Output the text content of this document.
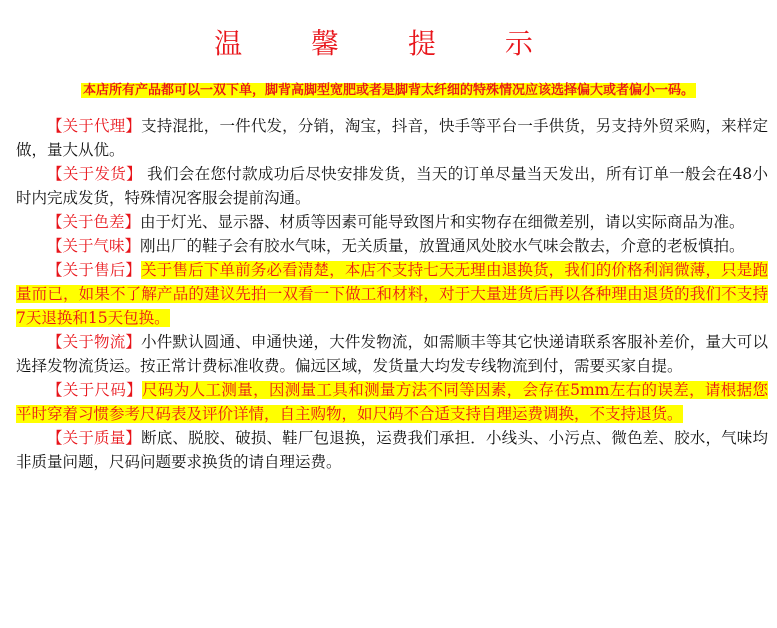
温 馨 提 示
本店所有产品都可以一双下单，脚背高脚型宽肥或者是脚背太纤细的特殊情况应该选择偏大或者偏小一码。

【关于代理】支持混批，一件代发，分销，淘宝，抖音，快手等平台一手供货，另支持外贸采购，来样定做，量大从优。

【关于发货】 我们会在您付款成功后尽快安排发货，当天的订单尽量当天发出，所有订单一般会在48小时内完成发货，特殊情况客服会提前沟通。

【关于色差】由于灯光、显示器、材质等因素可能导致图片和实物存在细微差别，请以实际商品为准。

【关于气味】刚出厂的鞋子会有胶水气味，无关质量，放置通风处胶水气味会散去，介意的老板慎拍。

【关于售后】关于售后下单前务必看清楚，本店不支持七天无理由退换货，我们的价格利润微薄，只是跑量而已，如果不了解产品的建议先拍一双看一下做工和材料，对于大量进货后再以各种理由退货的我们不支持7天退换和15天包换。

【关于物流】小件默认圆通、申通快递，大件发物流，如需顺丰等其它快递请联系客服补差价，量大可以选择发物流货运。按正常计费标准收费。偏远区域，发货量大均发专线物流到付，需要买家自提。

【关于尺码】尺码为人工测量，因测量工具和测量方法不同等因素，会存在5mm左右的误差，请根据您平时穿着习惯参考尺码表及评价详情，自主购物，如尺码不合适支持自理运费调换，不支持退货。

【关于质量】断底、脱胶、破损、鞋厂包退换，运费我们承担．小线头、小污点、微色差、胶水，气味均非质量问题，尺码问题要求换货的请自理运费。
